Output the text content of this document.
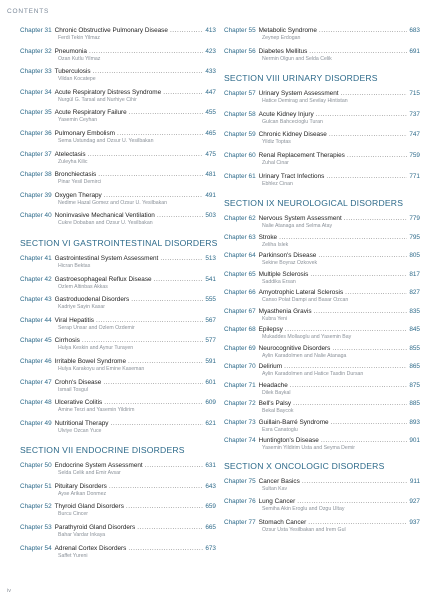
CONTENTS
Chapter 31 Chronic Obstructive Pulmonary Disease . . .	413
Ferdi Tekin Yilmaz
Chapter 32 Pneumonia . . .	423
Ozan Kutlu Yilmaz
Chapter 33 Tuberculosis . . .	433
Vildan Kocatepe
Chapter 34 Acute Respiratory Distress Syndrome . . .	447
Nurgül G. Tarsal and Nurhiye Cihir
Chapter 35 Acute Respiratory Failure . . .	455
Yasemin Ceyhan
Chapter 36 Pulmonary Embolism . . .	465
Sema Ustundag and Ozsur U. Yesilbakan
Chapter 37 Atelectasis . . .	475
Zuleyha Kilic
Chapter 38 Bronchiectasis . . .	481
Pinar Yesil Demirci
Chapter 39 Oxygen Therapy . . .	491
Nedime Hazal Gomez and Ozsur U. Yesilbakan
Chapter 40 Noninvasive Mechanical Ventilation . . .	503
Cukre Dobaban and Ozsur U. Yesilbakan
SECTION VI GASTROINTESTINAL DISORDERS
Chapter 41 Gastrointestinal System Assessment . . .	513
Hicran Bektas
Chapter 42 Gastroesophageal Reflux Disease . . .	541
Ozlem Altinbas Akkas
Chapter 43 Gastroduodenal Disorders . . .	555
Kadriye Sayin Kasar
Chapter 44 Viral Hepatitis . . .	567
Serap Unsar and Ozlem Ozdemir
Chapter 45 Cirrhosis . . .	577
Hulya Keskin and Aynur Turayen
Chapter 46 Irritable Bowel Syndrome . . .	591
Hulya Karakoyu and Emine Kaseman
Chapter 47 Crohn's Disease . . .	601
Ismail Tosgul
Chapter 48 Ulcerative Colitis . . .	609
Amine Terzi and Yasemin Yildirim
Chapter 49 Nutritional Therapy . . .	621
Ulviye Ozcan Yuce
SECTION VII ENDOCRINE DISORDERS
Chapter 50 Endocrine System Assessment . . .	631
Selda Celik and Emir Avsar
Chapter 51 Pituitary Disorders . . .	643
Ayse Arikan Donmez
Chapter 52 Thyroid Gland Disorders . . .	659
Burcu Cincer
Chapter 53 Parathyroid Gland Disorders . . .	665
Bahar Vardar Inkaya
Chapter 54 Adrenal Cortex Disorders . . .	673
Saffet Yureni
Chapter 55 Metabolic Syndrome . . .	683
Zeynep Erdogan
Chapter 56 Diabetes Mellitus . . .	691
Nermin Olgun and Selda Celik
SECTION VIII URINARY DISORDERS
Chapter 57 Urinary System Assessment . . .	715
Hatice Demirag and Sevilay Hintistan
Chapter 58 Acute Kidney Injury . . .	737
Gulcan Bahcecioglu Turan
Chapter 59 Chronic Kidney Disease . . .	747
Yildiz Toptas
Chapter 60 Renal Replacement Therapies . . .	759
Zuhal Cinar
Chapter 61 Urinary Tract Infections . . .	771
Ebhlez Cinan
SECTION IX NEUROLOGICAL DISORDERS
Chapter 62 Nervous System Assessment . . .	779
Nalie Atanaga and Selma Atay
Chapter 63 Stroke . . .	795
Zeliha Islek
Chapter 64 Parkinson's Disease . . .	805
Sekine Boyraz Ozkovek
Chapter 65 Multiple Sclerosis . . .	817
Saddika Ersan
Chapter 66 Amyotrophic Lateral Sclerosis . . .	827
Canso Polat Dampi and Basar Ozcan
Chapter 67 Myasthenia Gravis . . .	835
Kubra Yeni
Chapter 68 Epilepsy . . .	845
Mukaddes Mollaoglu and Yasemin Bay
Chapter 69 Neurocognitive Disorders . . .	855
Aylin Karadolmen and Nalie Atanaga
Chapter 70 Delirium . . .	865
Aylin Karadolmen and Hatice Tasdin Dursan
Chapter 71 Headache . . .	875
Dilek Baykal
Chapter 72 Bell's Palsy . . .	885
Bekal Baycok
Chapter 73 Guillain-Barré Syndrome . . .	893
Esra Canatoglu
Chapter 74 Huntington's Disease . . .	901
Yasemin Yildirim Usta and Seyma Demir
SECTION X ONCOLOGIC DISORDERS
Chapter 75 Cancer Basics . . .	911
Sultan Kav
Chapter 76 Lung Cancer . . .	927
Semiha Akin Eroglu and Ozgu Ultay
Chapter 77 Stomach Cancer . . .	937
Ozsur Usta Yesilbakan and Irem Gul
iv
